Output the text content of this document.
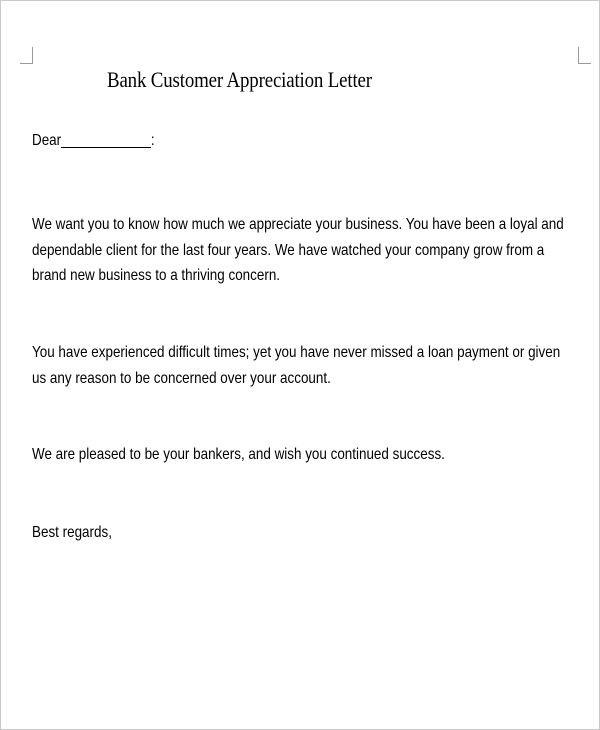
Bank Customer Appreciation Letter

Dear____________:

We want you to know how much we appreciate your business. You have been a loyal and dependable client for the last four years. We have watched your company grow from a brand new business to a thriving concern.

You have experienced difficult times; yet you have never missed a loan payment or given us any reason to be concerned over your account.

We are pleased to be your bankers, and wish you continued success.

Best regards,
